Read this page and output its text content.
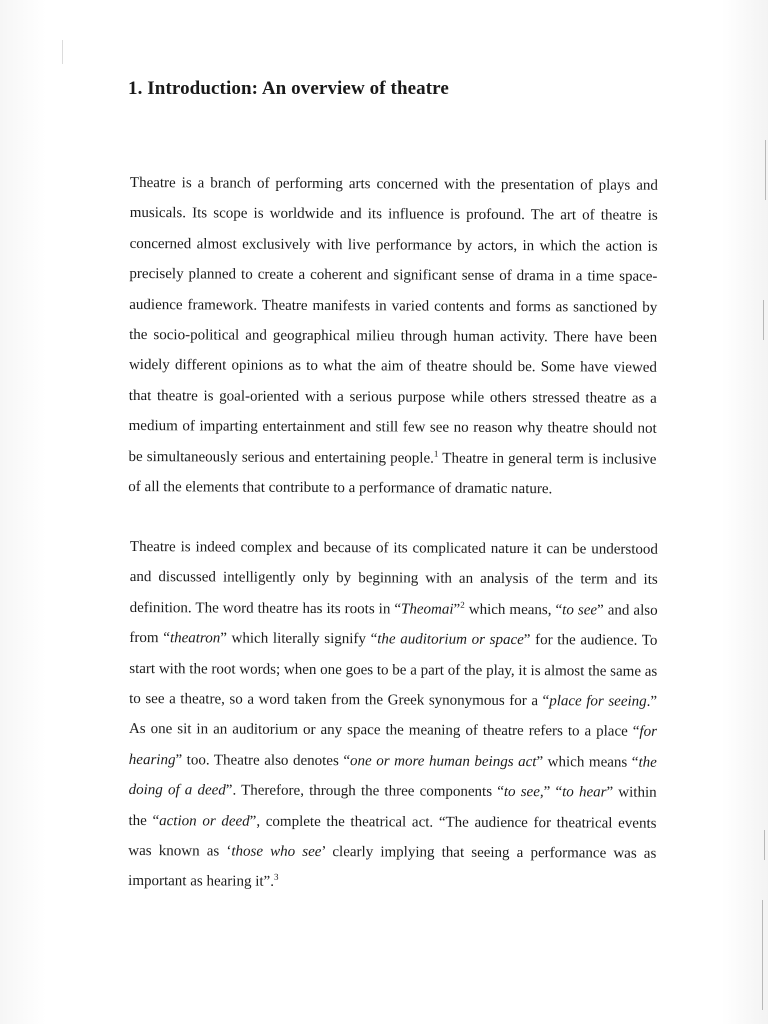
1. Introduction: An overview of theatre

Theatre is a branch of performing arts concerned with the presentation of plays and musicals. Its scope is worldwide and its influence is profound. The art of theatre is concerned almost exclusively with live performance by actors, in which the action is precisely planned to create a coherent and significant sense of drama in a time space-audience framework. Theatre manifests in varied contents and forms as sanctioned by the socio-political and geographical milieu through human activity. There have been widely different opinions as to what the aim of theatre should be. Some have viewed that theatre is goal-oriented with a serious purpose while others stressed theatre as a medium of imparting entertainment and still few see no reason why theatre should not be simultaneously serious and entertaining people.$^1$ Theatre in general term is inclusive of all the elements that contribute to a performance of dramatic nature.

Theatre is indeed complex and because of its complicated nature it can be understood and discussed intelligently only by beginning with an analysis of the term and its definition. The word theatre has its roots in “Theomai”$^2$ which means, “to see” and also from “theatron” which literally signify “the auditorium or space” for the audience. To start with the root words; when one goes to be a part of the play, it is almost the same as to see a theatre, so a word taken from the Greek synonymous for a “place for seeing.” As one sit in an auditorium or any space the meaning of theatre refers to a place “for hearing” too. Theatre also denotes “one or more human beings act” which means “the doing of a deed”. Therefore, through the three components “to see,” “to hear” within the “action or deed”, complete the theatrical act. “The audience for theatrical events was known as ‘those who see’ clearly implying that seeing a performance was as important as hearing it”.$^3$
